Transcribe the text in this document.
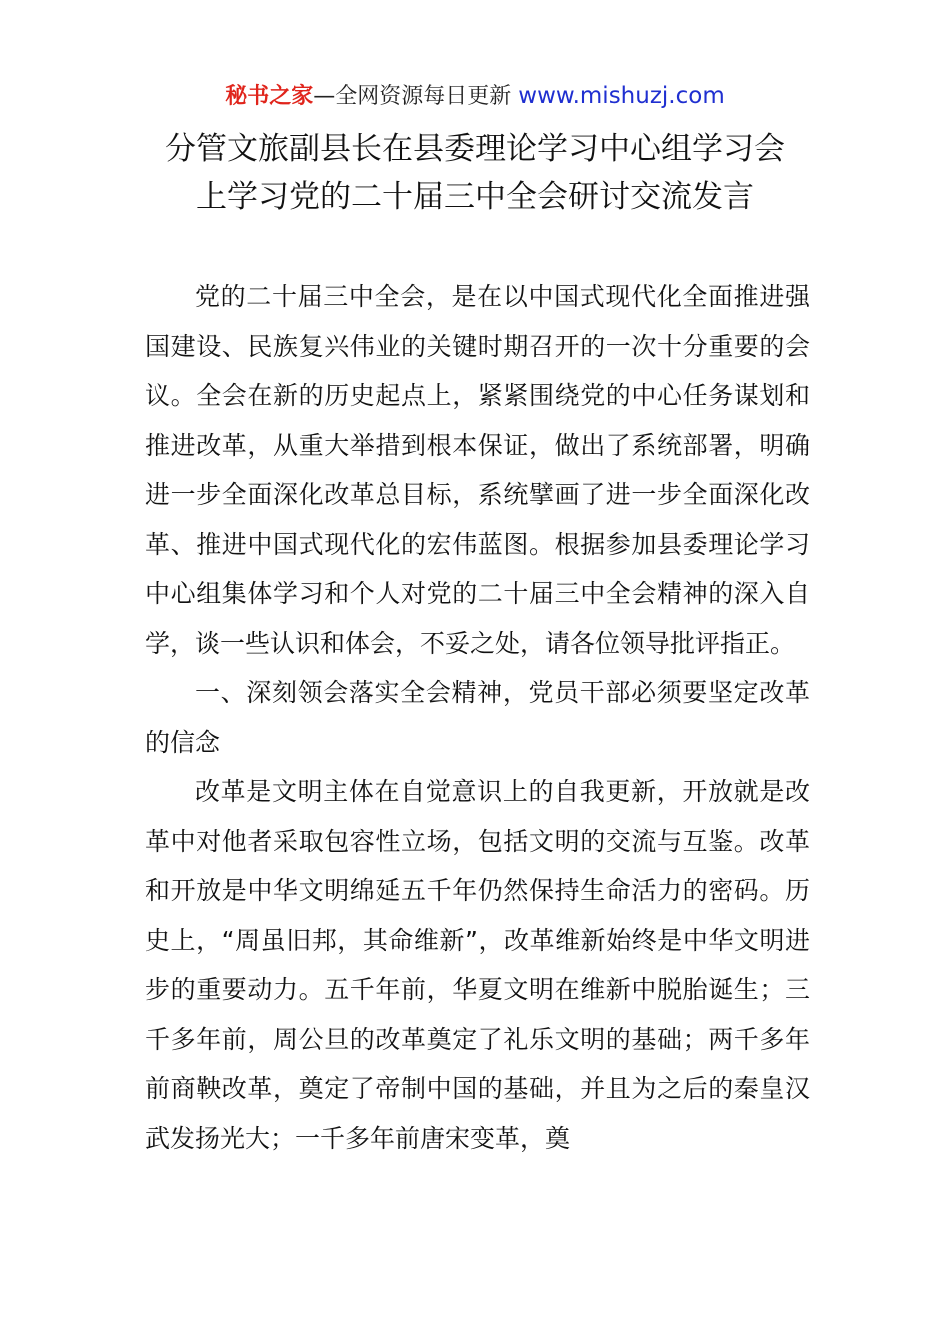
秘书之家—全网资源每日更新 www.mishuzj.com
分管文旅副县长在县委理论学习中心组学习会
上学习党的二十届三中全会研讨交流发言

党的二十届三中全会，是在以中国式现代化全面推进强国建设、民族复兴伟业的关键时期召开的一次十分重要的会议。全会在新的历史起点上，紧紧围绕党的中心任务谋划和推进改革，从重大举措到根本保证，做出了系统部署，明确进一步全面深化改革总目标，系统擘画了进一步全面深化改革、推进中国式现代化的宏伟蓝图。根据参加县委理论学习中心组集体学习和个人对党的二十届三中全会精神的深入自学，谈一些认识和体会，不妥之处，请各位领导批评指正。

一、深刻领会落实全会精神，党员干部必须要坚定改革的信念

改革是文明主体在自觉意识上的自我更新，开放就是改革中对他者采取包容性立场，包括文明的交流与互鉴。改革和开放是中华文明绵延五千年仍然保持生命活力的密码。历史上，“周虽旧邦，其命维新”，改革维新始终是中华文明进步的重要动力。五千年前，华夏文明在维新中脱胎诞生；三千多年前，周公旦的改革奠定了礼乐文明的基础；两千多年前商鞅改革，奠定了帝制中国的基础，并且为之后的秦皇汉武发扬光大；一千多年前唐宋变革，奠
